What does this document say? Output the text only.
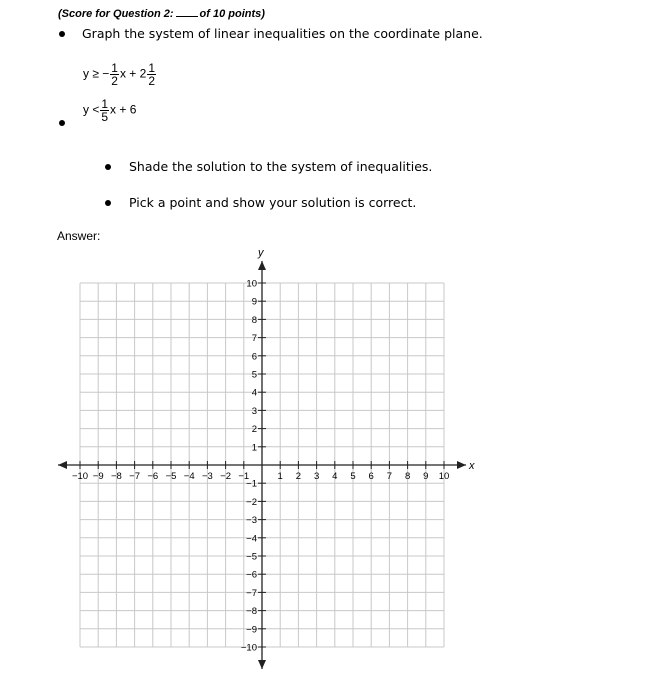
(Score for Question 2: of 10 points)
Graph the system of linear inequalities on the coordinate plane.
y ≥ − $\frac{1}{2}$ $x + 2 \frac{1}{2}$
$y < \frac{1}{5}$ x + 6
Shade the solution to the system of inequalities.
Pick a point and show your solution is correct.
Answer:
x
y
−10 −9 −8 −7 −6 −5 −4 −3 −2 −1	1 2 3 4 5 6 7 8 9 10
1
2
3
4
5
6
7
8
9
10
−1
−2
−3
−4
−5
−6
−7
−8
−9
−10
